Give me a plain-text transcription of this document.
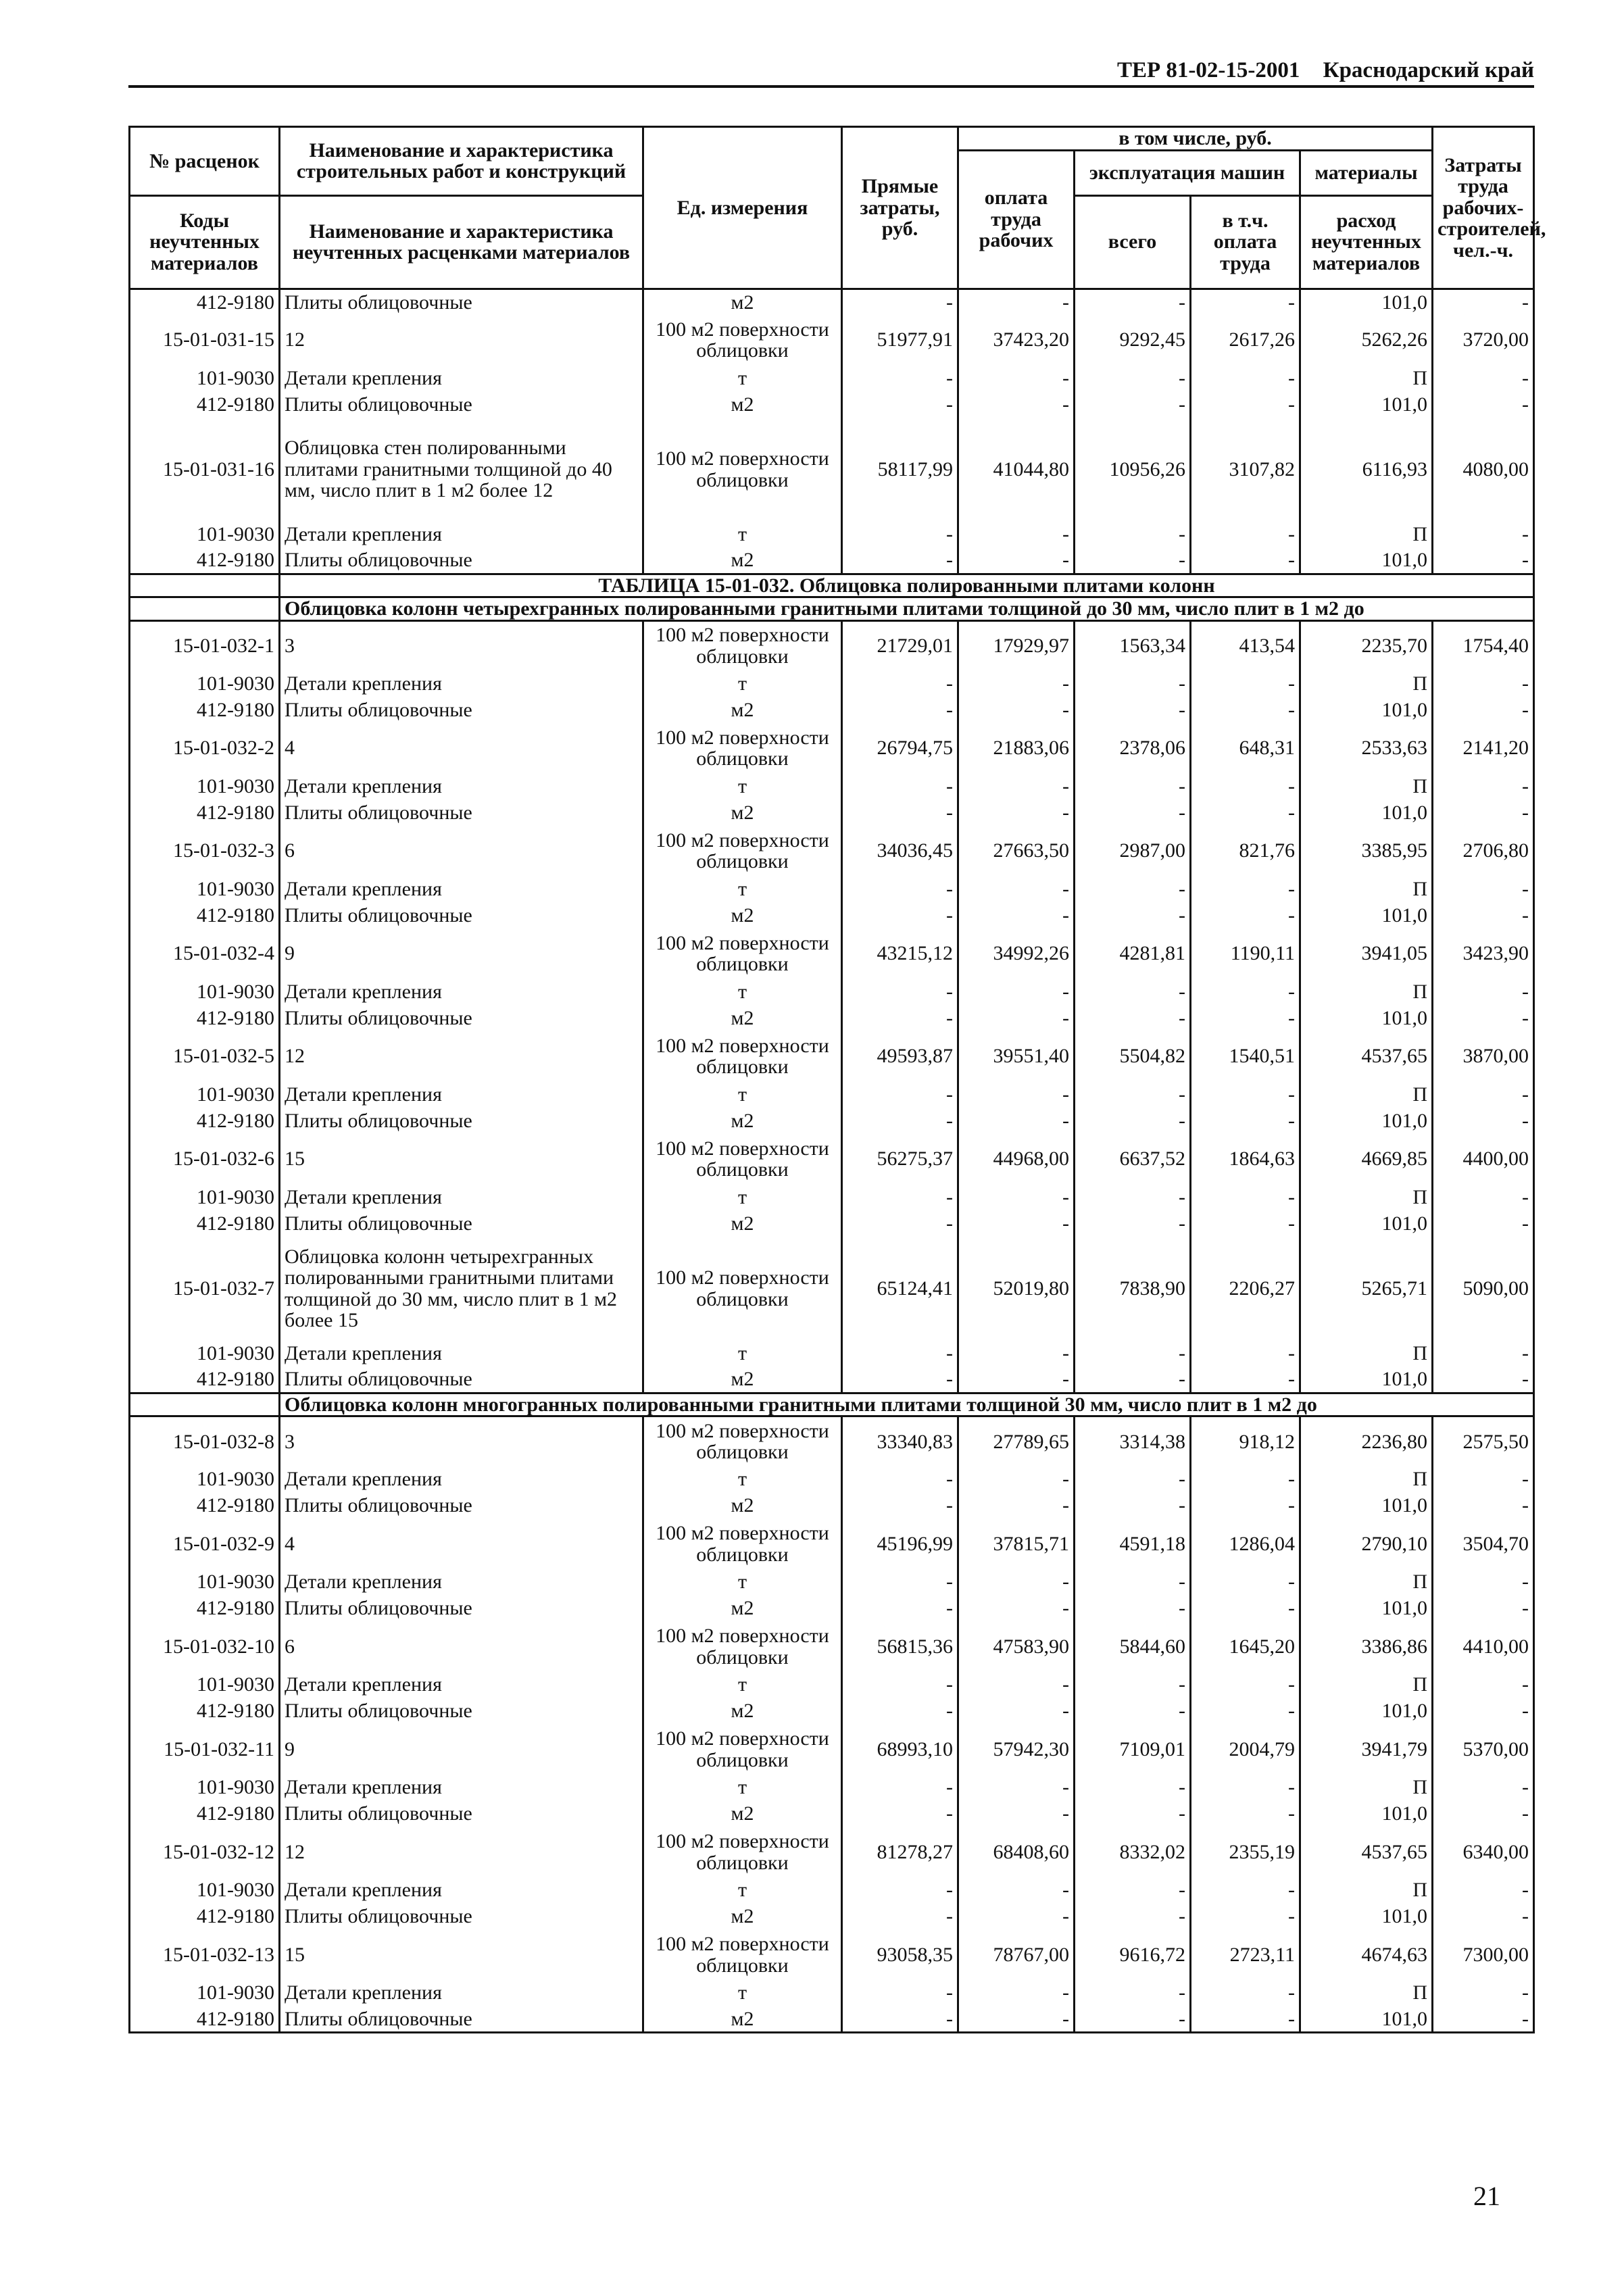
ТЕР 81-02-15-2001 Краснодарский край
№ расценок	Наименование и характеристика строительных работ и конструкций	Ед. измерения	Прямые затраты, руб.	в том числе, руб.				Затраты труда рабочих-строителей, чел.-ч.
				оплата труда рабочих	эксплуатация машин		материалы	

Коды неучтенных материалов	Наименование и характеристика неучтенных расценками материалов				всего	в т.ч. оплата труда	расход неучтенных материалов	

412-9180	Плиты облицовочные	м2	-	-	-	-	101,0	-
15-01-031-15	12	100 м2 поверхности облицовки	51977,91	37423,20	9292,45	2617,26	5262,26	3720,00
101-9030	Детали крепления	т	-	-	-	-	П	-
412-9180	Плиты облицовочные	м2	-	-	-	-	101,0	-
15-01-031-16	Облицовка стен полированными плитами гранитными толщиной до 40 мм, число плит в 1 м2 более 12	100 м2 поверхности облицовки	58117,99	41044,80	10956,26	3107,82	6116,93	4080,00
101-9030	Детали крепления	т	-	-	-	-	П	-
412-9180	Плиты облицовочные	м2	-	-	-	-	101,0	-
	ТАБЛИЦА 15-01-032. Облицовка полированными плитами колонн							
	Облицовка колонн четырехгранных полированными гранитными плитами толщиной до 30 мм, число плит в 1 м2 до							
15-01-032-1	3	100 м2 поверхности облицовки	21729,01	17929,97	1563,34	413,54	2235,70	1754,40
101-9030	Детали крепления	т	-	-	-	-	П	-
412-9180	Плиты облицовочные	м2	-	-	-	-	101,0	-
15-01-032-2	4	100 м2 поверхности облицовки	26794,75	21883,06	2378,06	648,31	2533,63	2141,20
101-9030	Детали крепления	т	-	-	-	-	П	-
412-9180	Плиты облицовочные	м2	-	-	-	-	101,0	-
15-01-032-3	6	100 м2 поверхности облицовки	34036,45	27663,50	2987,00	821,76	3385,95	2706,80
101-9030	Детали крепления	т	-	-	-	-	П	-
412-9180	Плиты облицовочные	м2	-	-	-	-	101,0	-
15-01-032-4	9	100 м2 поверхности облицовки	43215,12	34992,26	4281,81	1190,11	3941,05	3423,90
101-9030	Детали крепления	т	-	-	-	-	П	-
412-9180	Плиты облицовочные	м2	-	-	-	-	101,0	-
15-01-032-5	12	100 м2 поверхности облицовки	49593,87	39551,40	5504,82	1540,51	4537,65	3870,00
101-9030	Детали крепления	т	-	-	-	-	П	-
412-9180	Плиты облицовочные	м2	-	-	-	-	101,0	-
15-01-032-6	15	100 м2 поверхности облицовки	56275,37	44968,00	6637,52	1864,63	4669,85	4400,00
101-9030	Детали крепления	т	-	-	-	-	П	-
412-9180	Плиты облицовочные	м2	-	-	-	-	101,0	-
15-01-032-7	Облицовка колонн четырехгранных полированными гранитными плитами толщиной до 30 мм, число плит в 1 м2 более 15	100 м2 поверхности облицовки	65124,41	52019,80	7838,90	2206,27	5265,71	5090,00
101-9030	Детали крепления	т	-	-	-	-	П	-
412-9180	Плиты облицовочные	м2	-	-	-	-	101,0	-
	Облицовка колонн многогранных полированными гранитными плитами толщиной 30 мм, число плит в 1 м2 до							
15-01-032-8	3	100 м2 поверхности облицовки	33340,83	27789,65	3314,38	918,12	2236,80	2575,50
101-9030	Детали крепления	т	-	-	-	-	П	-
412-9180	Плиты облицовочные	м2	-	-	-	-	101,0	-
15-01-032-9	4	100 м2 поверхности облицовки	45196,99	37815,71	4591,18	1286,04	2790,10	3504,70
101-9030	Детали крепления	т	-	-	-	-	П	-
412-9180	Плиты облицовочные	м2	-	-	-	-	101,0	-
15-01-032-10	6	100 м2 поверхности облицовки	56815,36	47583,90	5844,60	1645,20	3386,86	4410,00
101-9030	Детали крепления	т	-	-	-	-	П	-
412-9180	Плиты облицовочные	м2	-	-	-	-	101,0	-
15-01-032-11	9	100 м2 поверхности облицовки	68993,10	57942,30	7109,01	2004,79	3941,79	5370,00
101-9030	Детали крепления	т	-	-	-	-	П	-
412-9180	Плиты облицовочные	м2	-	-	-	-	101,0	-
15-01-032-12	12	100 м2 поверхности облицовки	81278,27	68408,60	8332,02	2355,19	4537,65	6340,00
101-9030	Детали крепления	т	-	-	-	-	П	-
412-9180	Плиты облицовочные	м2	-	-	-	-	101,0	-
15-01-032-13	15	100 м2 поверхности облицовки	93058,35	78767,00	9616,72	2723,11	4674,63	7300,00
101-9030	Детали крепления	т	-	-	-	-	П	-
412-9180	Плиты облицовочные	м2	-	-	-	-	101,0	-
21
